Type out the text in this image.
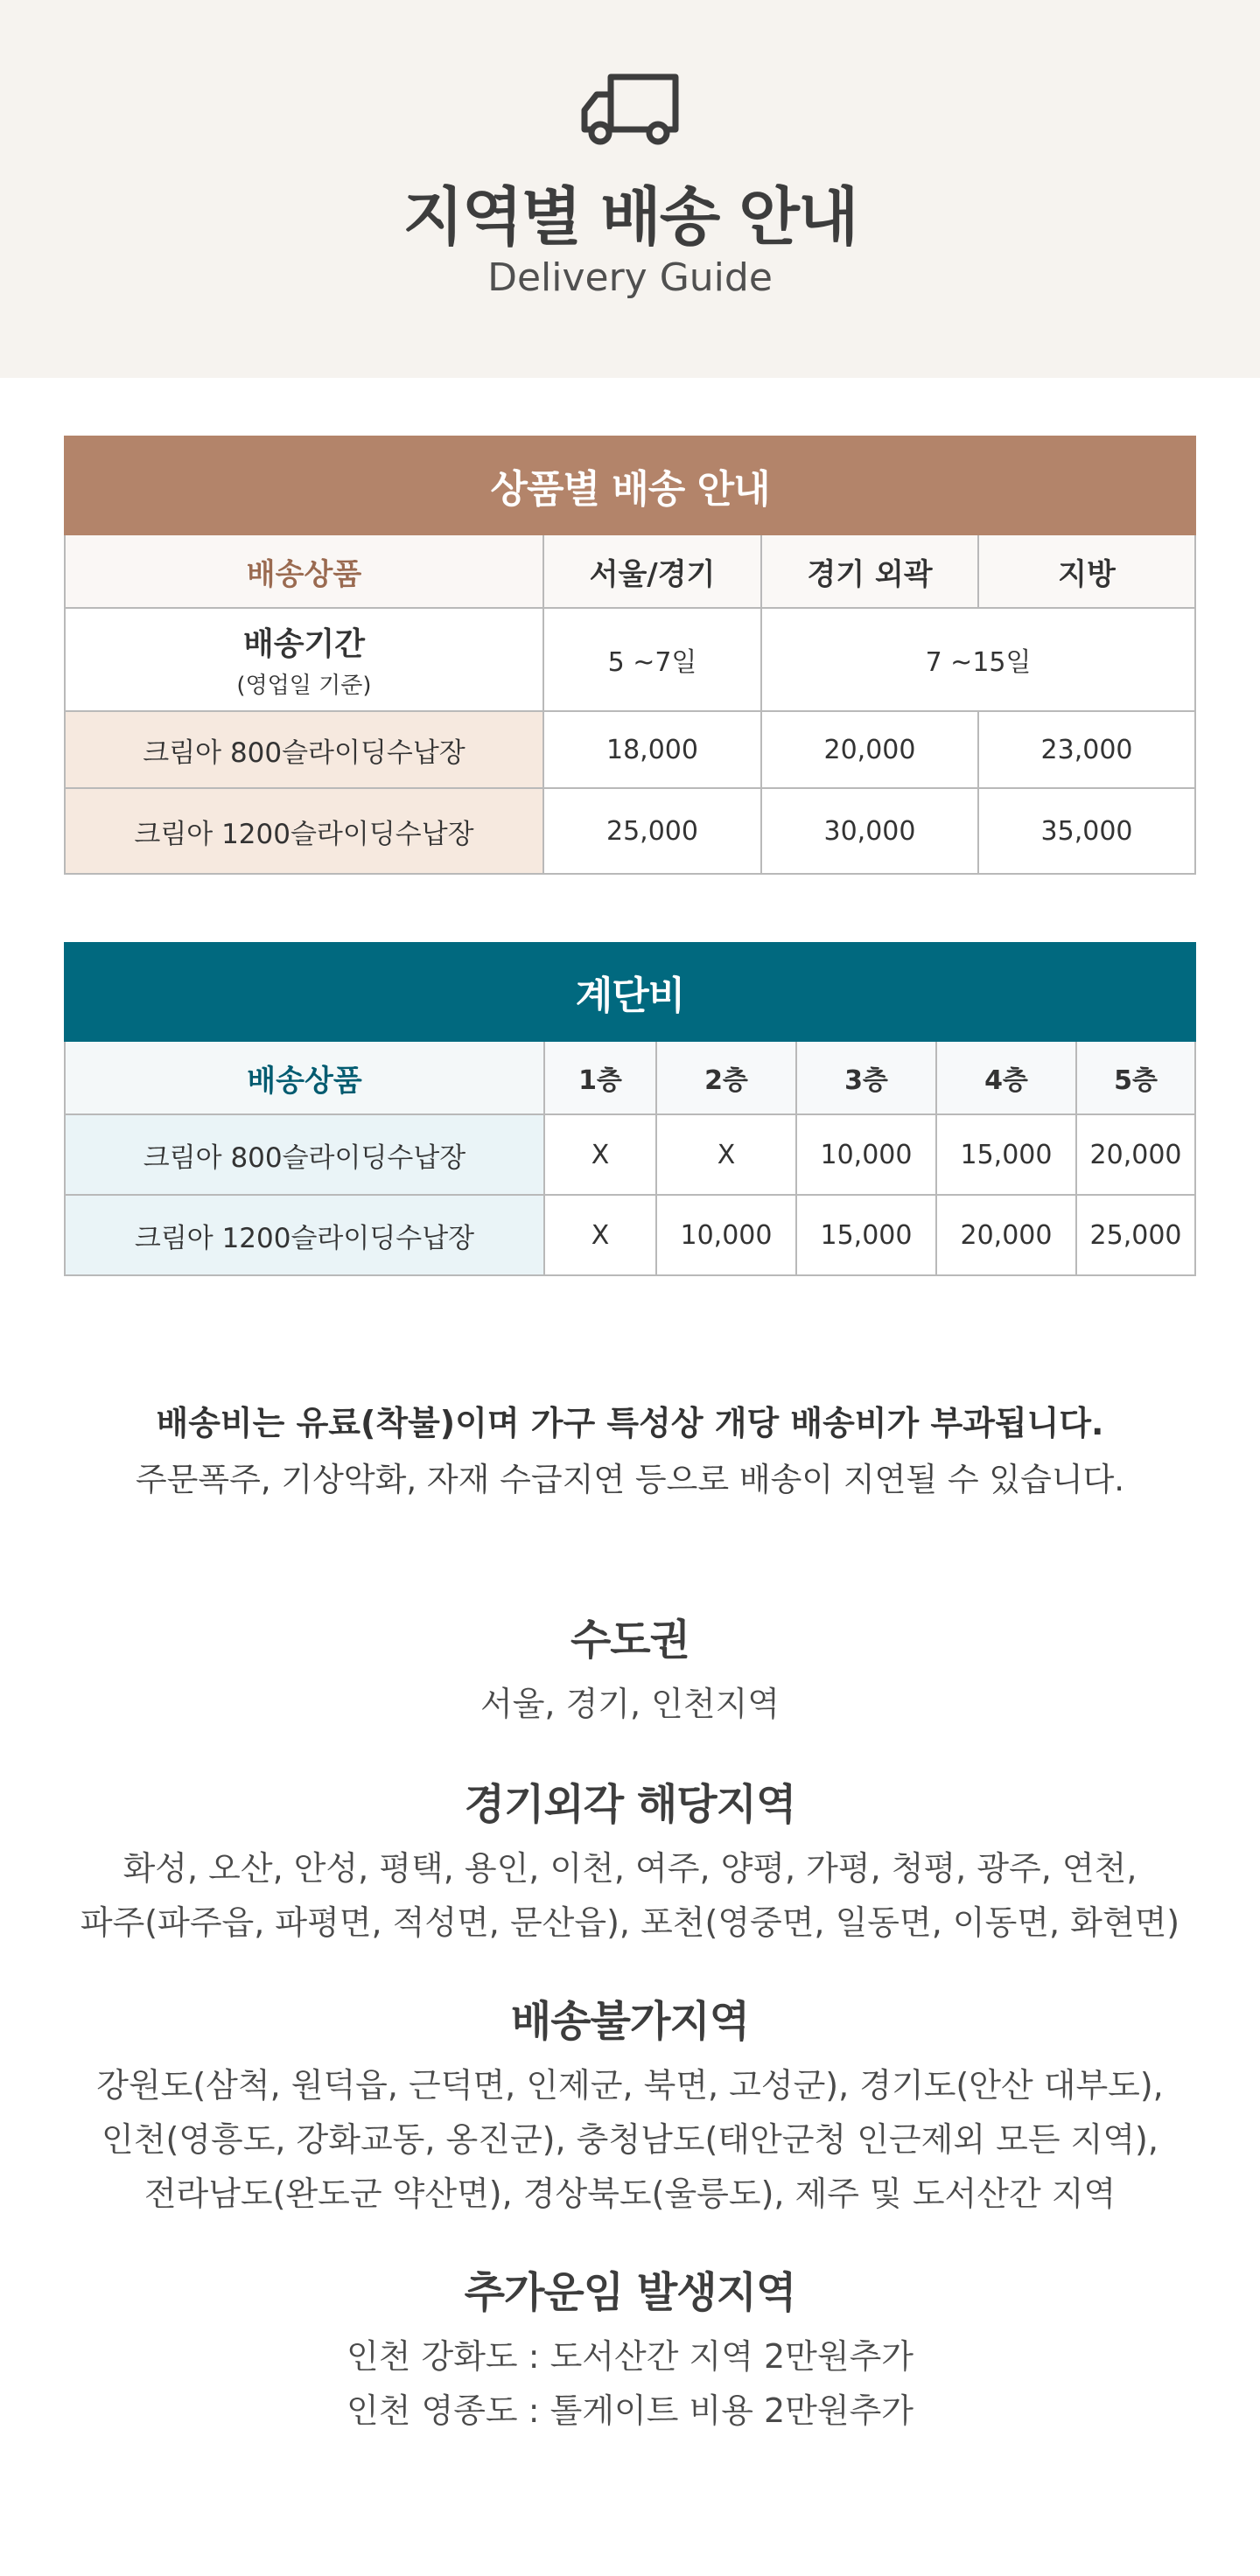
지역별 배송 안내
Delivery Guide
상품별 배송 안내			
배송상품	서울/경기	경기 외곽	지방

배송기간
(영업일 기준)	5 ~7일	7 ~15일	
크림아 800슬라이딩수납장	18,000	20,000	23,000
크림아 1200슬라이딩수납장	25,000	30,000	35,000
계단비					
배송상품	1층	2층	3층	4층	5층
크림아 800슬라이딩수납장	X	X	10,000	15,000	20,000
크림아 1200슬라이딩수납장	X	10,000	15,000	20,000	25,000
배송비는 유료(착불)이며 가구 특성상 개당 배송비가 부과됩니다.
주문폭주, 기상악화, 자재 수급지연 등으로 배송이 지연될 수 있습니다.
수도권
서울, 경기, 인천지역
경기외각 해당지역
화성, 오산, 안성, 평택, 용인, 이천, 여주, 양평, 가평, 청평, 광주, 연천,
파주(파주읍, 파평면, 적성면, 문산읍), 포천(영중면, 일동면, 이동면, 화현면)
배송불가지역
강원도(삼척, 원덕읍, 근덕면, 인제군, 북면, 고성군), 경기도(안산 대부도),
인천(영흥도, 강화교동, 옹진군), 충청남도(태안군청 인근제외 모든 지역),
전라남도(완도군 약산면), 경상북도(울릉도), 제주 및 도서산간 지역
추가운임 발생지역
인천 강화도 : 도서산간 지역 2만원추가
인천 영종도 : 톨게이트 비용 2만원추가
